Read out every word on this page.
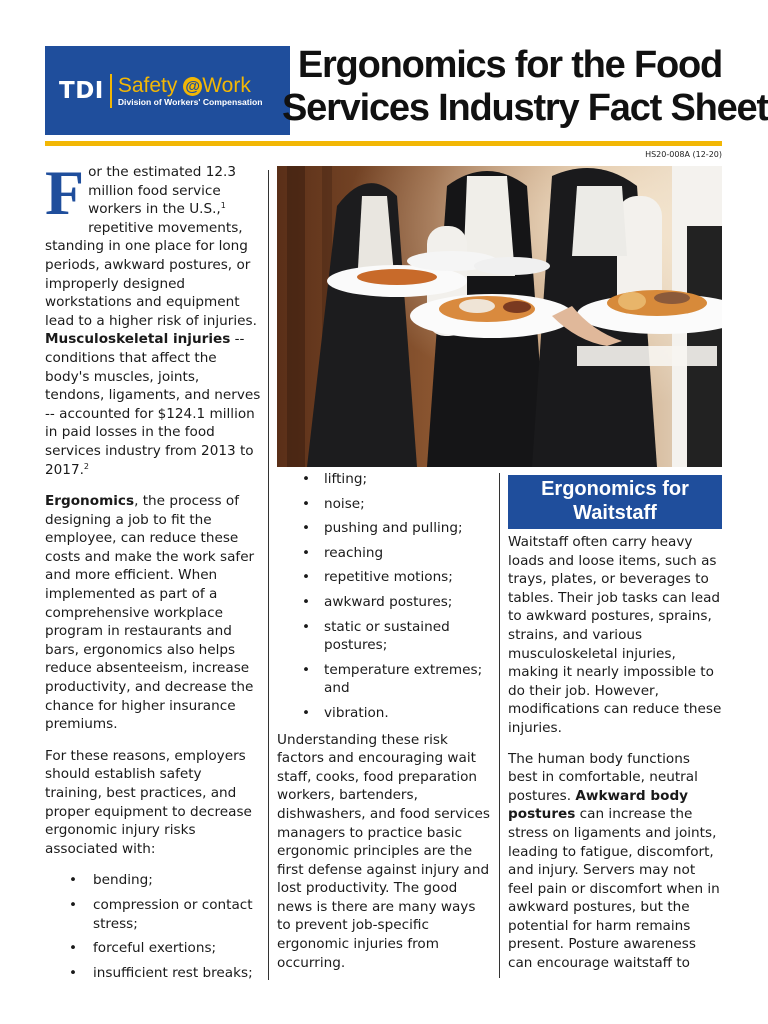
TDI Safety @ Work
Division of Workers' Compensation
Ergonomics for the Food
Services Industry Fact Sheet
HS20-008A (12-20)

F or the estimated 12.3 million food service workers in the U.S.,$^1$ repetitive movements, standing in one place for long periods, awkward postures, or improperly designed workstations and equipment lead to a higher risk of injuries. Musculoskeletal injuries -- conditions that affect the body's muscles, joints, tendons, ligaments, and nerves -- accounted for $124.1 million in paid losses in the food services industry from 2013 to 2017.$^2$

Ergonomics, the process of designing a job to fit the employee, can reduce these costs and make the work safer and more efficient. When implemented as part of a comprehensive workplace program in restaurants and bars, ergonomics also helps reduce absenteeism, increase productivity, and decrease the chance for higher insurance premiums.

For these reasons, employers should establish safety training, best practices, and proper equipment to decrease ergonomic injury risks associated with:

• bending;
• compression or contact stress;
• forceful exertions;
• insufficient rest breaks;
• lifting;
• noise;
• pushing and pulling;
• reaching
• repetitive motions;
• awkward postures;
• static or sustained postures;
• temperature extremes; and
• vibration.

Understanding these risk factors and encouraging wait staff, cooks, food preparation workers, bartenders, dishwashers, and food services managers to practice basic ergonomic principles are the first defense against injury and lost productivity. The good news is there are many ways to prevent job-specific ergonomic injuries from occurring.

Ergonomics for
Waitstaff

Waitstaff often carry heavy loads and loose items, such as trays, plates, or beverages to tables. Their job tasks can lead to awkward postures, sprains, strains, and various musculoskeletal injuries, making it nearly impossible to do their job. However, modifications can reduce these injuries.

The human body functions best in comfortable, neutral postures. Awkward body postures can increase the stress on ligaments and joints, leading to fatigue, discomfort, and injury. Servers may not feel pain or discomfort when in awkward postures, but the potential for harm remains present. Posture awareness can encourage waitstaff to
